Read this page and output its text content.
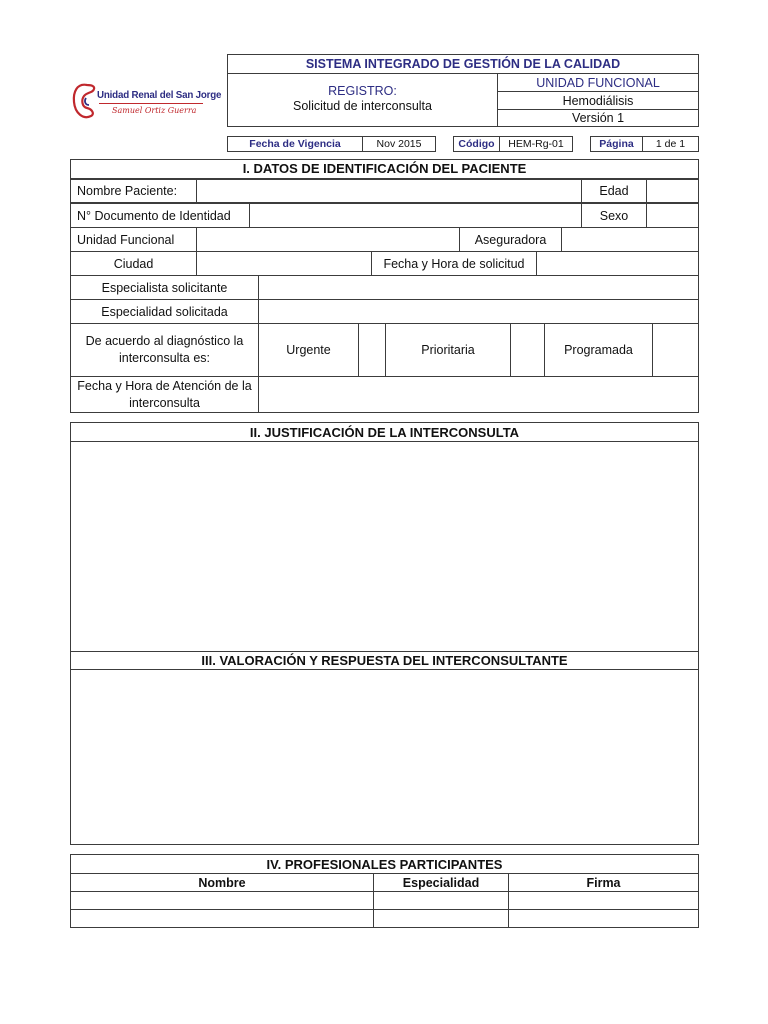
Unidad Renal del San Jorge
Samuel Ortiz Guerra
SISTEMA INTEGRADO DE GESTIÓN DE LA CALIDAD
REGISTRO:
Solicitud de interconsulta
UNIDAD FUNCIONAL
Hemodiálisis
Versión 1
Fecha de Vigencia	Nov 2015	Código HEM-Rg-01	Página 1 de 1
I. DATOS DE IDENTIFICACIÓN DEL PACIENTE
Nombre Paciente:	Edad
N° Documento de Identidad	Sexo
Unidad Funcional	Aseguradora
Ciudad	Fecha y Hora de solicitud
Especialista solicitante
Especialidad solicitada
De acuerdo al diagnóstico la interconsulta es:
Urgente	Prioritaria	Programada
Fecha y Hora de Atención de la interconsulta
II. JUSTIFICACIÓN DE LA INTERCONSULTA
III. VALORACIÓN Y RESPUESTA DEL INTERCONSULTANTE
IV. PROFESIONALES PARTICIPANTES
Nombre	Especialidad	Firma
